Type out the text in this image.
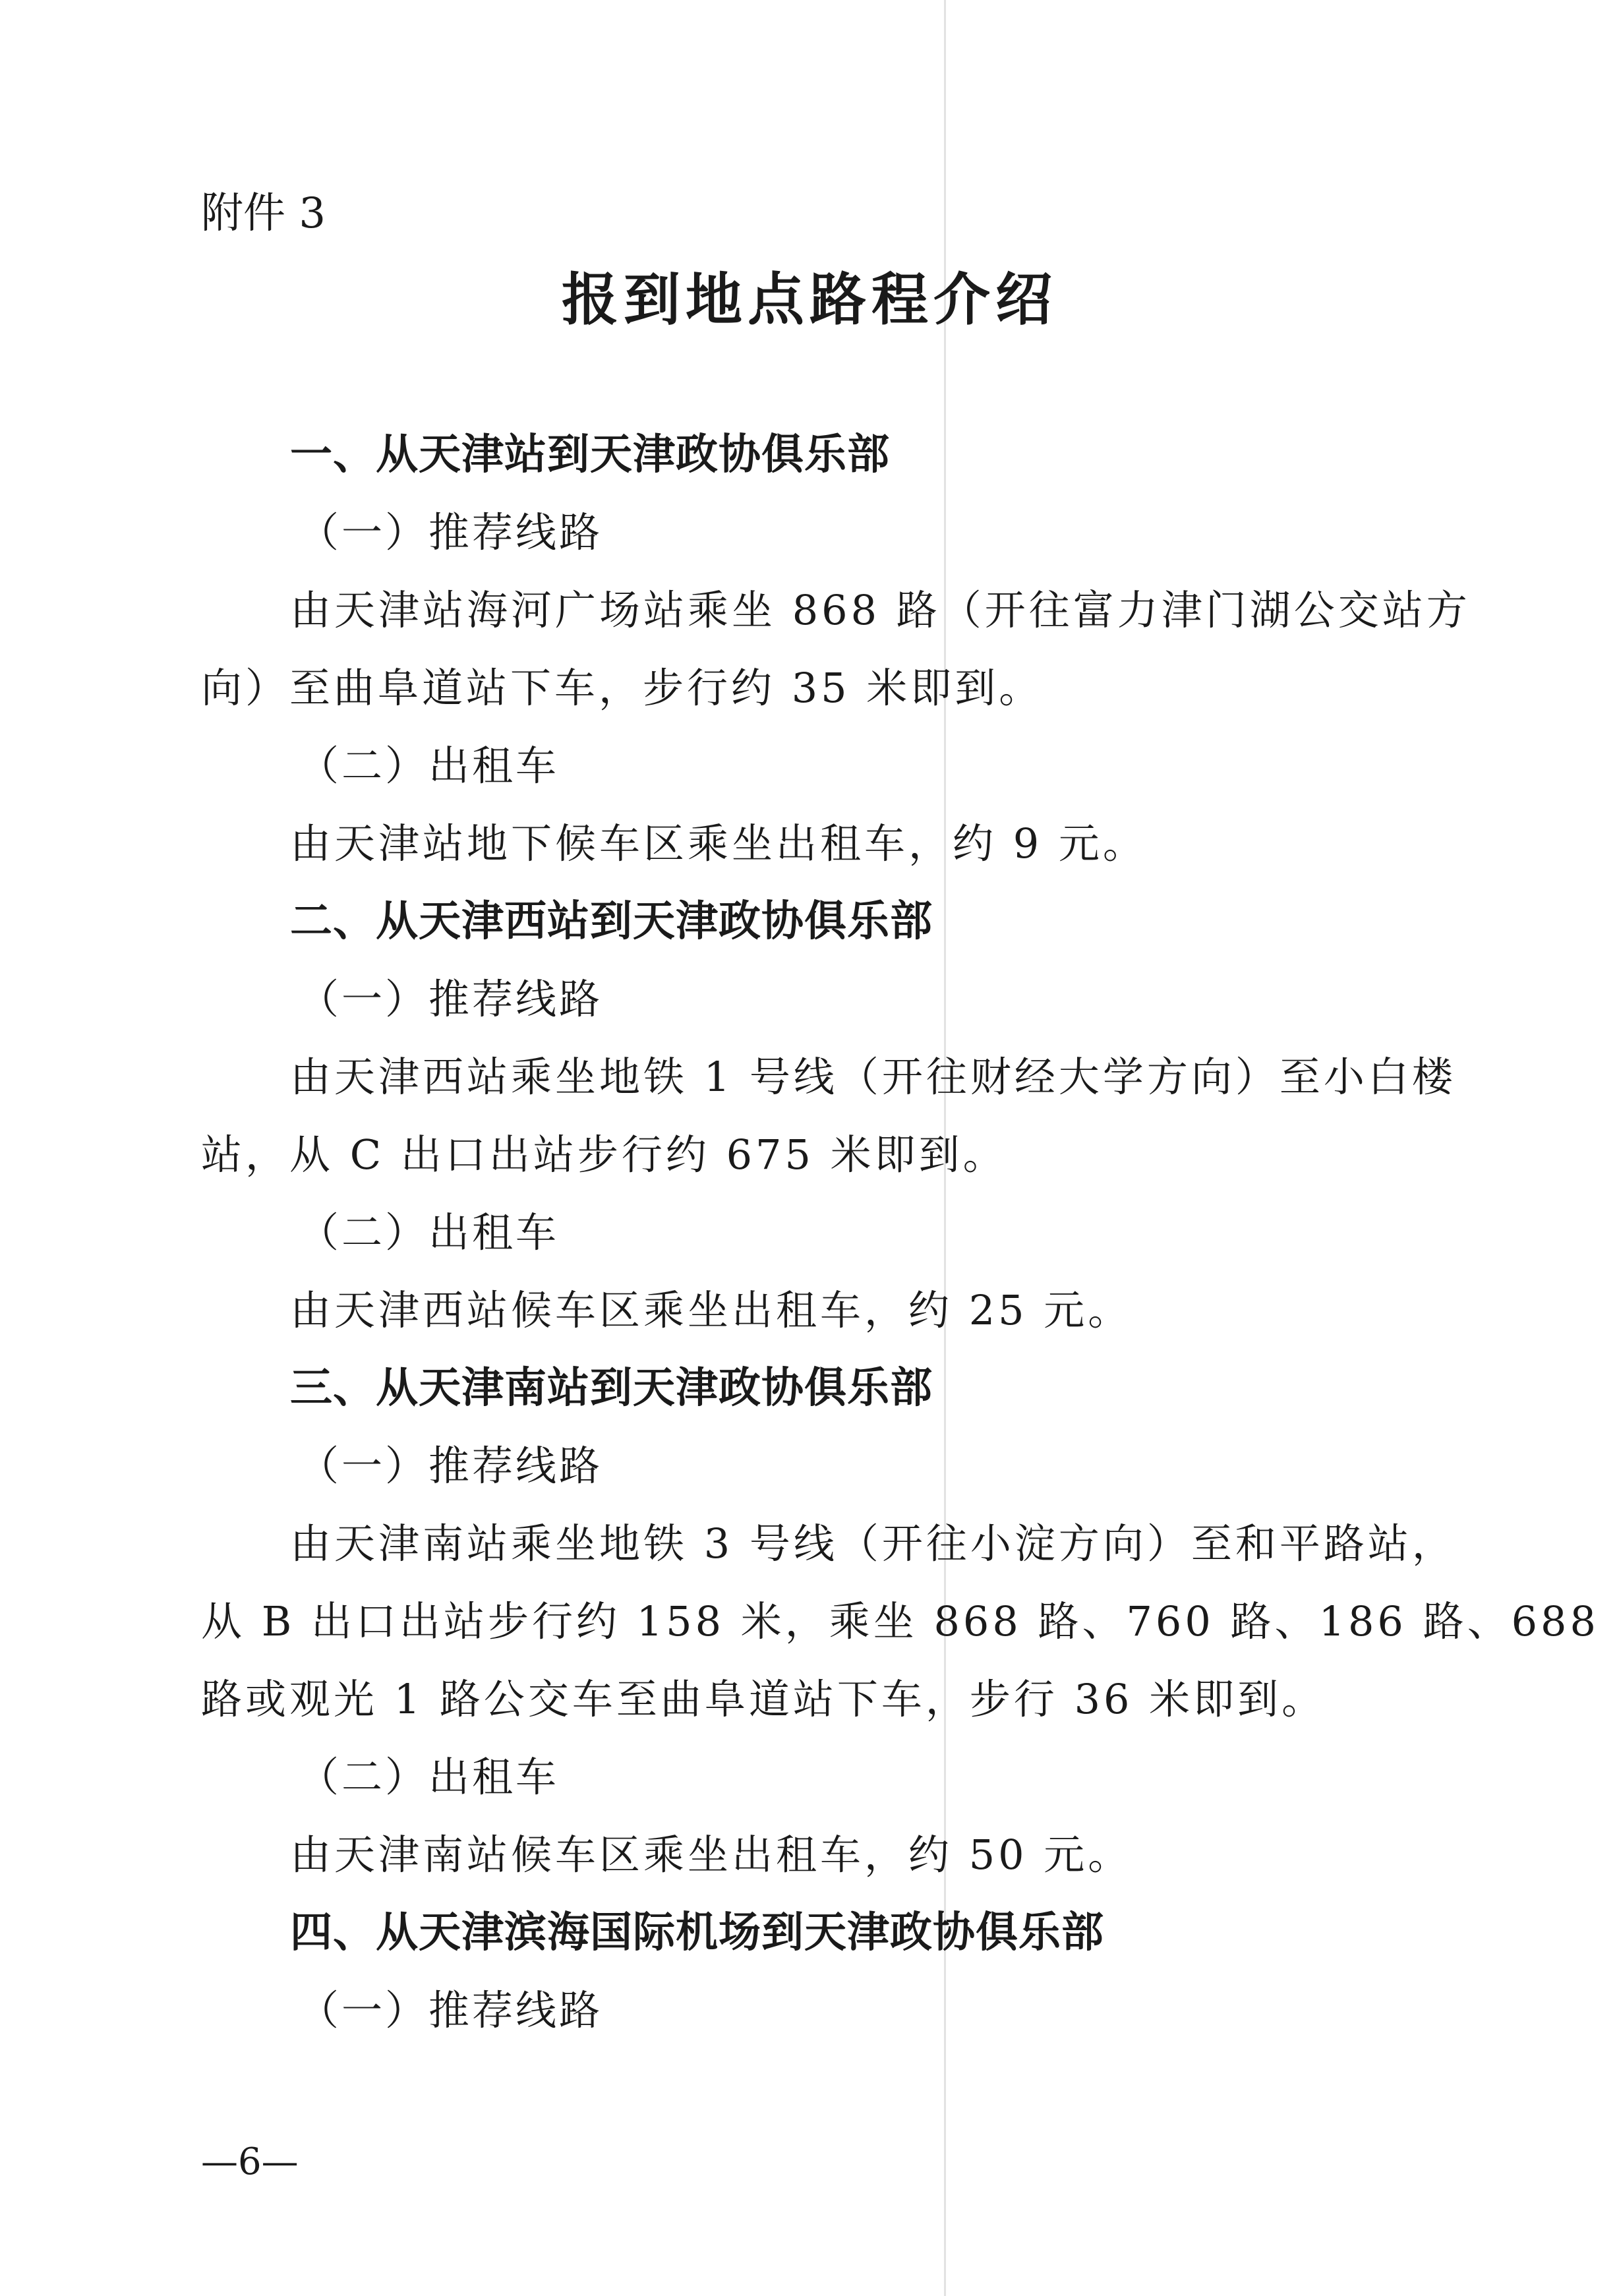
附件 3

报到地点路程介绍

一、从天津站到天津政协俱乐部

（一）推荐线路

由天津站海河广场站乘坐 868 路（开往富力津门湖公交站方

向）至曲阜道站下车，步行约 35 米即到。

（二）出租车

由天津站地下候车区乘坐出租车，约 9 元。

二、从天津西站到天津政协俱乐部

（一）推荐线路

由天津西站乘坐地铁 1 号线（开往财经大学方向）至小白楼

站，从 C 出口出站步行约 675 米即到。

（二）出租车

由天津西站候车区乘坐出租车，约 25 元。

三、从天津南站到天津政协俱乐部

（一）推荐线路

由天津南站乘坐地铁 3 号线（开往小淀方向）至和平路站，

从 B 出口出站步行约 158 米，乘坐 868 路、760 路、186 路、688

路或观光 1 路公交车至曲阜道站下车，步行 36 米即到。

（二）出租车

由天津南站候车区乘坐出租车，约 50 元。

四、从天津滨海国际机场到天津政协俱乐部

（一）推荐线路

—6—
